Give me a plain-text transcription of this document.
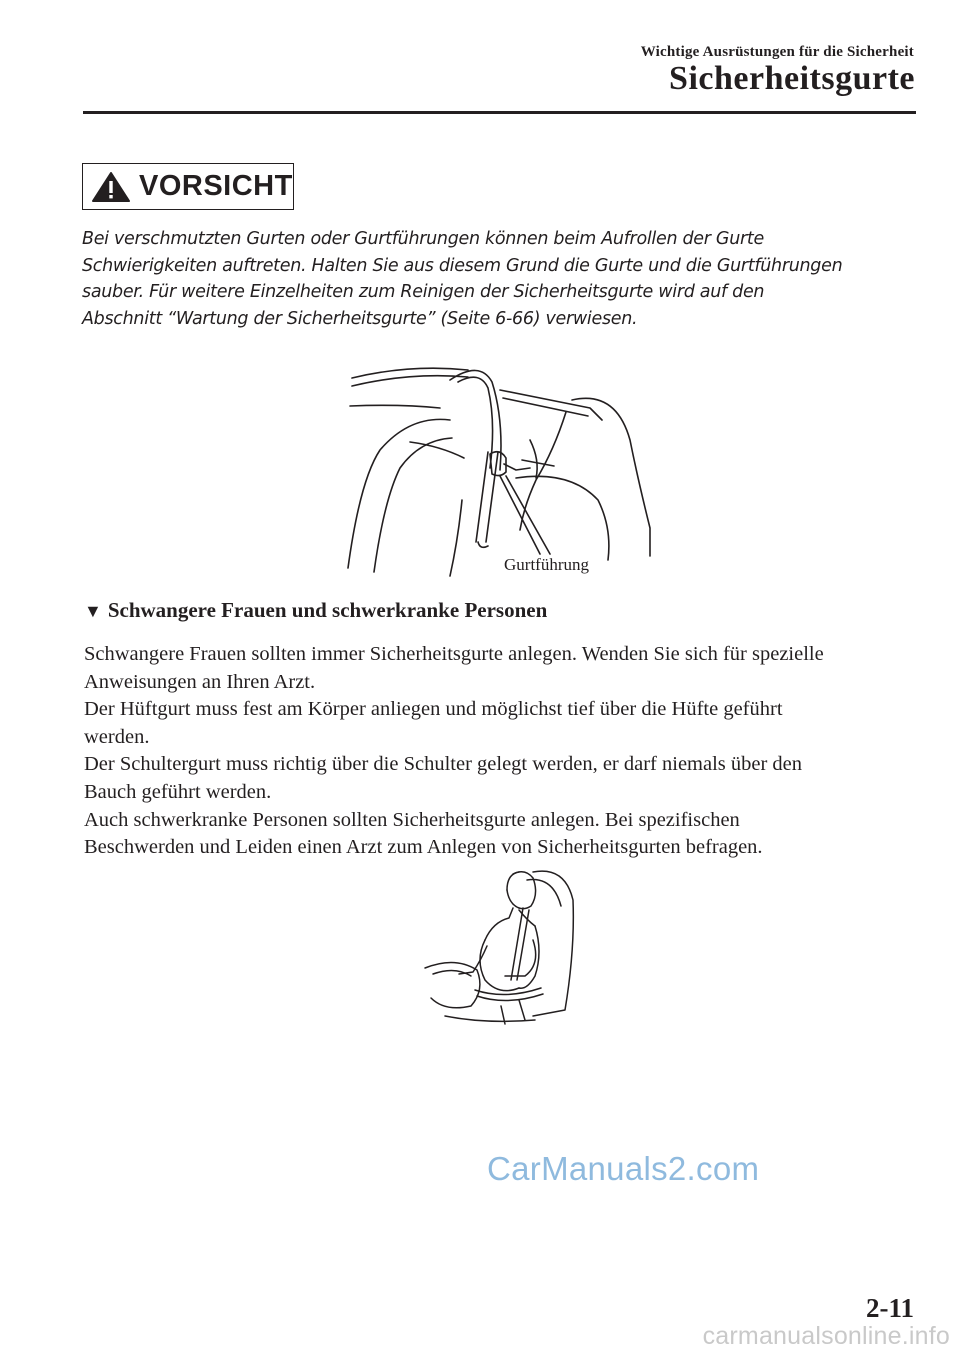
Wichtige Ausrüstungen für die Sicherheit
Sicherheitsgurte
VORSICHT

Bei verschmutzten Gurten oder Gurtführungen können beim Aufrollen der Gurte

Schwierigkeiten auftreten. Halten Sie aus diesem Grund die Gurte und die Gurtführungen

sauber. Für weitere Einzelheiten zum Reinigen der Sicherheitsgurte wird auf den

Abschnitt “Wartung der Sicherheitsgurte” (Seite 6-66) verwiesen.

Gurtführung
▼ Schwangere Frauen und schwerkranke Personen

Schwangere Frauen sollten immer Sicherheitsgurte anlegen. Wenden Sie sich für spezielle

Anweisungen an Ihren Arzt.

Der Hüftgurt muss fest am Körper anliegen und möglichst tief über die Hüfte geführt

werden.

Der Schultergurt muss richtig über die Schulter gelegt werden, er darf niemals über den

Bauch geführt werden.

Auch schwerkranke Personen sollten Sicherheitsgurte anlegen. Bei spezifischen

Beschwerden und Leiden einen Arzt zum Anlegen von Sicherheitsgurten befragen.

CarManuals2.com
2-11
carmanualsonline.info
